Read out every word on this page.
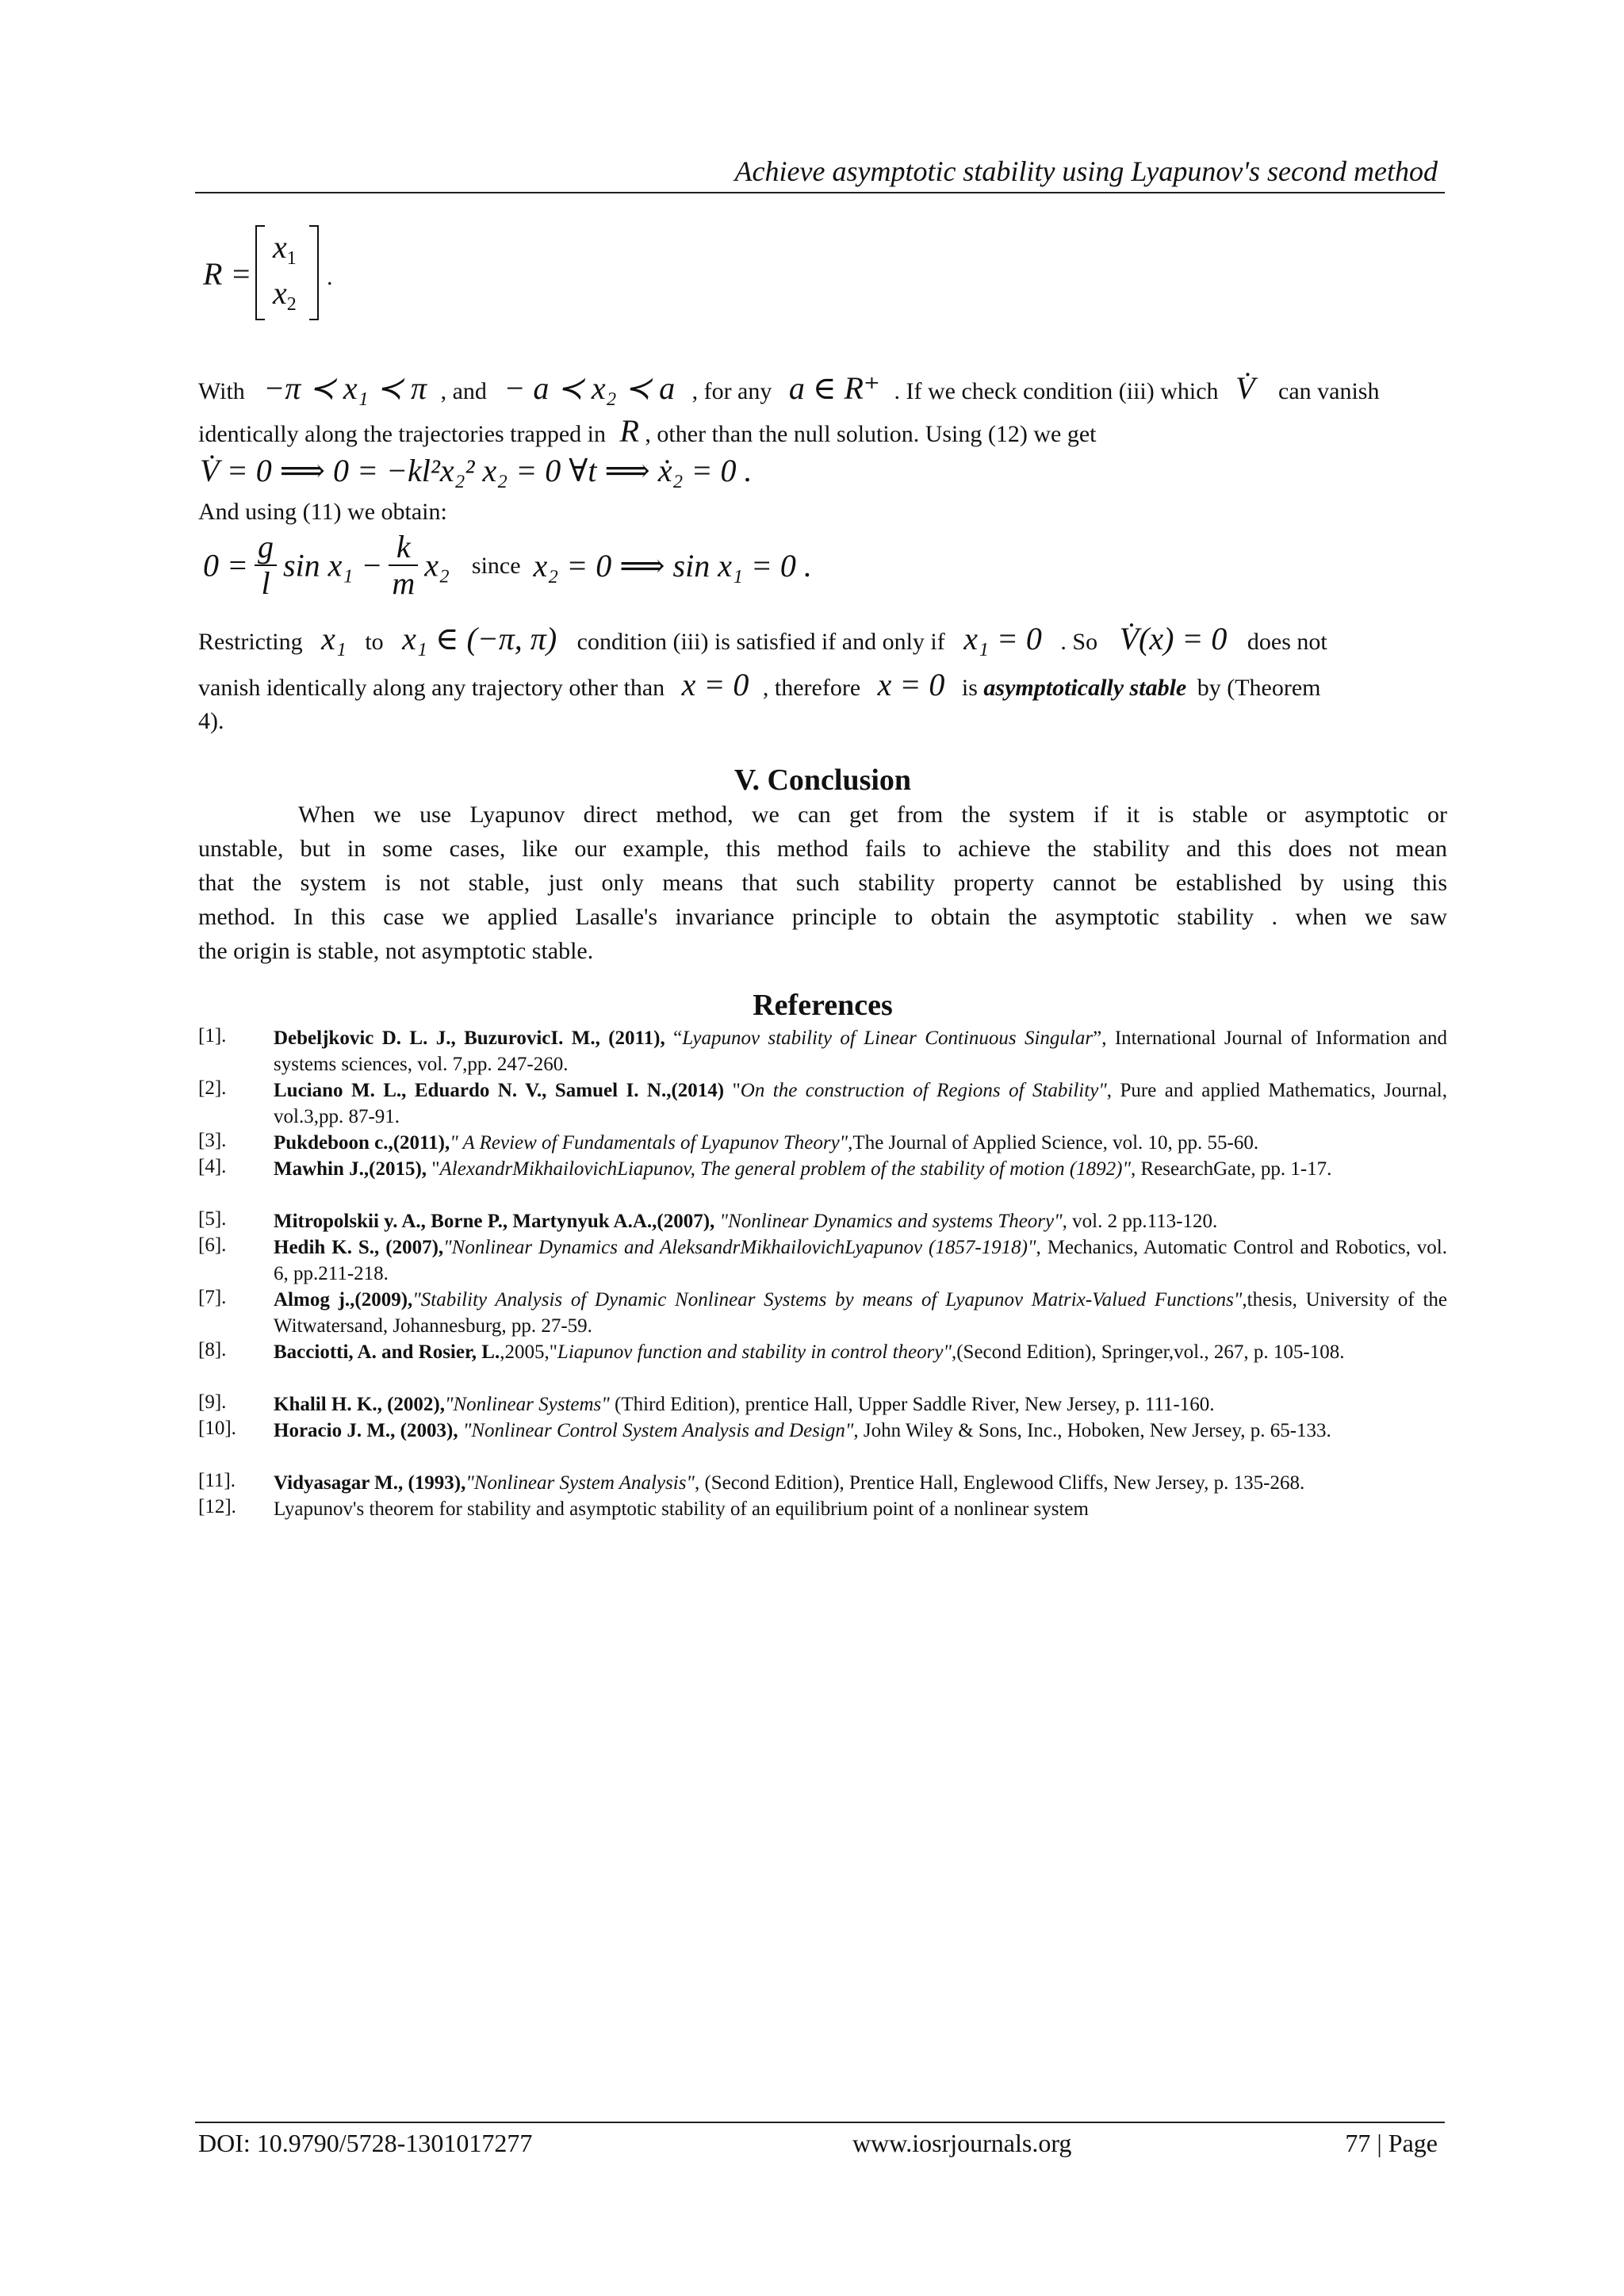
Achieve asymptotic stability using Lyapunov's second method
R =
$x_1$
$x_2$
.
With −π ≺ x₁ ≺ π , and − a ≺ x₂ ≺ a , for any a ∈ R⁺ . If we check condition (iii) which V̇ can vanish
identically along the trajectories trapped in R , other than the null solution. Using (12) we get
V̇ = 0 ⟹ 0 = −kl²x₂² x₂ = 0 ∀t ⟹ ẋ₂ = 0 .
And using (11) we obtain:
$0 = \frac{g}{l}$ $\sin x_1 - \frac{k}{m} x_2$ since x₂ = 0 ⟹ sin x₁ = 0 .
Restricting x₁ to x₁ ∈ (−π, π) condition (iii) is satisfied if and only if x₁ = 0 . So V̇(x) = 0 does not
vanish identically along any trajectory other than x = 0 , therefore x = 0 is asymptotically stable by (Theorem
4).
V. Conclusion
When we use Lyapunov direct method, we can get from the system if it is stable or asymptotic or
unstable, but in some cases, like our example, this method fails to achieve the stability and this does not mean
that the system is not stable, just only means that such stability property cannot be established by using this
method. In this case we applied Lasalle's invariance principle to obtain the asymptotic stability . when we saw
the origin is stable, not asymptotic stable.
References
[1].	Debeljkovic D. L. J., BuzurovicI. M., (2011), “Lyapunov stability of Linear Continuous Singular”, International Journal of Information and systems sciences, vol. 7,pp. 247-260.
[2].	Luciano M. L., Eduardo N. V., Samuel I. N.,(2014) "On the construction of Regions of Stability", Pure and applied Mathematics, Journal, vol.3,pp. 87-91.
[3].	Pukdeboon c.,(2011)," A Review of Fundamentals of Lyapunov Theory",The Journal of Applied Science, vol. 10, pp. 55-60.
[4].	Mawhin J.,(2015), "AlexandrMikhailovichLiapunov, The general problem of the stability of motion (1892)", ResearchGate, pp. 1-17.
[5].	Mitropolskii y. A., Borne P., Martynyuk A.A.,(2007), "Nonlinear Dynamics and systems Theory", vol. 2 pp.113-120.
[6].	Hedih K. S., (2007),"Nonlinear Dynamics and AleksandrMikhailovichLyapunov (1857-1918)", Mechanics, Automatic Control and Robotics, vol. 6, pp.211-218.
[7].	Almog j.,(2009),"Stability Analysis of Dynamic Nonlinear Systems by means of Lyapunov Matrix-Valued Functions",thesis, University of the Witwatersand, Johannesburg, pp. 27-59.
[8].	Bacciotti, A. and Rosier, L.,2005,"Liapunov function and stability in control theory",(Second Edition), Springer,vol., 267, p. 105-108.
[9].	Khalil H. K., (2002),"Nonlinear Systems" (Third Edition), prentice Hall, Upper Saddle River, New Jersey, p. 111-160.
[10].	Horacio J. M., (2003), "Nonlinear Control System Analysis and Design", John Wiley & Sons, Inc., Hoboken, New Jersey, p. 65-133.
[11].	Vidyasagar M., (1993),"Nonlinear System Analysis", (Second Edition), Prentice Hall, Englewood Cliffs, New Jersey, p. 135-268.
[12].	Lyapunov's theorem for stability and asymptotic stability of an equilibrium point of a nonlinear system
DOI: 10.9790/5728-1301017277	www.iosrjournals.org	77 | Page
